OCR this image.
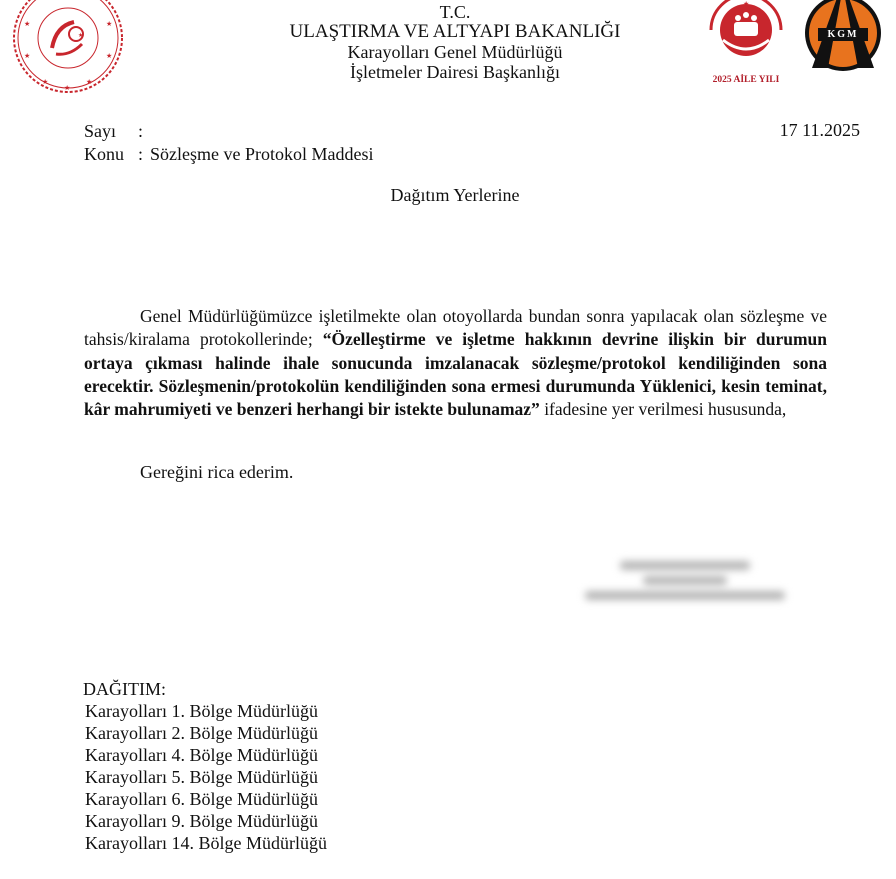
★
★
★
★
★
★
★
★
T.C.
ULAŞTIRMA VE ALTYAPI BAKANLIĞI
Karayolları Genel Müdürlüğü
İşletmeler Dairesi Başkanlığı
★
2025 AİLE YILI
KGM
Sayı	:
Konu : Sözleşme ve Protokol Maddesi
17 11.2025
Dağıtım Yerlerine
Genel Müdürlüğümüzce işletilmekte olan otoyollarda bundan sonra yapılacak olan sözleşme ve tahsis/kiralama protokollerinde; “Özelleştirme ve işletme hakkının devrine ilişkin bir durumun ortaya çıkması halinde ihale sonucunda imzalanacak sözleşme/protokol kendiliğinden sona erecektir. Sözleşmenin/protokolün kendiliğinden sona ermesi durumunda Yüklenici, kesin teminat, kâr mahrumiyeti ve benzeri herhangi bir istekte bulunamaz” ifadesine yer verilmesi hususunda,
Gereğini rica ederim.
DAĞITIM:
Karayolları 1. Bölge Müdürlüğü
Karayolları 2. Bölge Müdürlüğü
Karayolları 4. Bölge Müdürlüğü
Karayolları 5. Bölge Müdürlüğü
Karayolları 6. Bölge Müdürlüğü
Karayolları 9. Bölge Müdürlüğü
Karayolları 14. Bölge Müdürlüğü
